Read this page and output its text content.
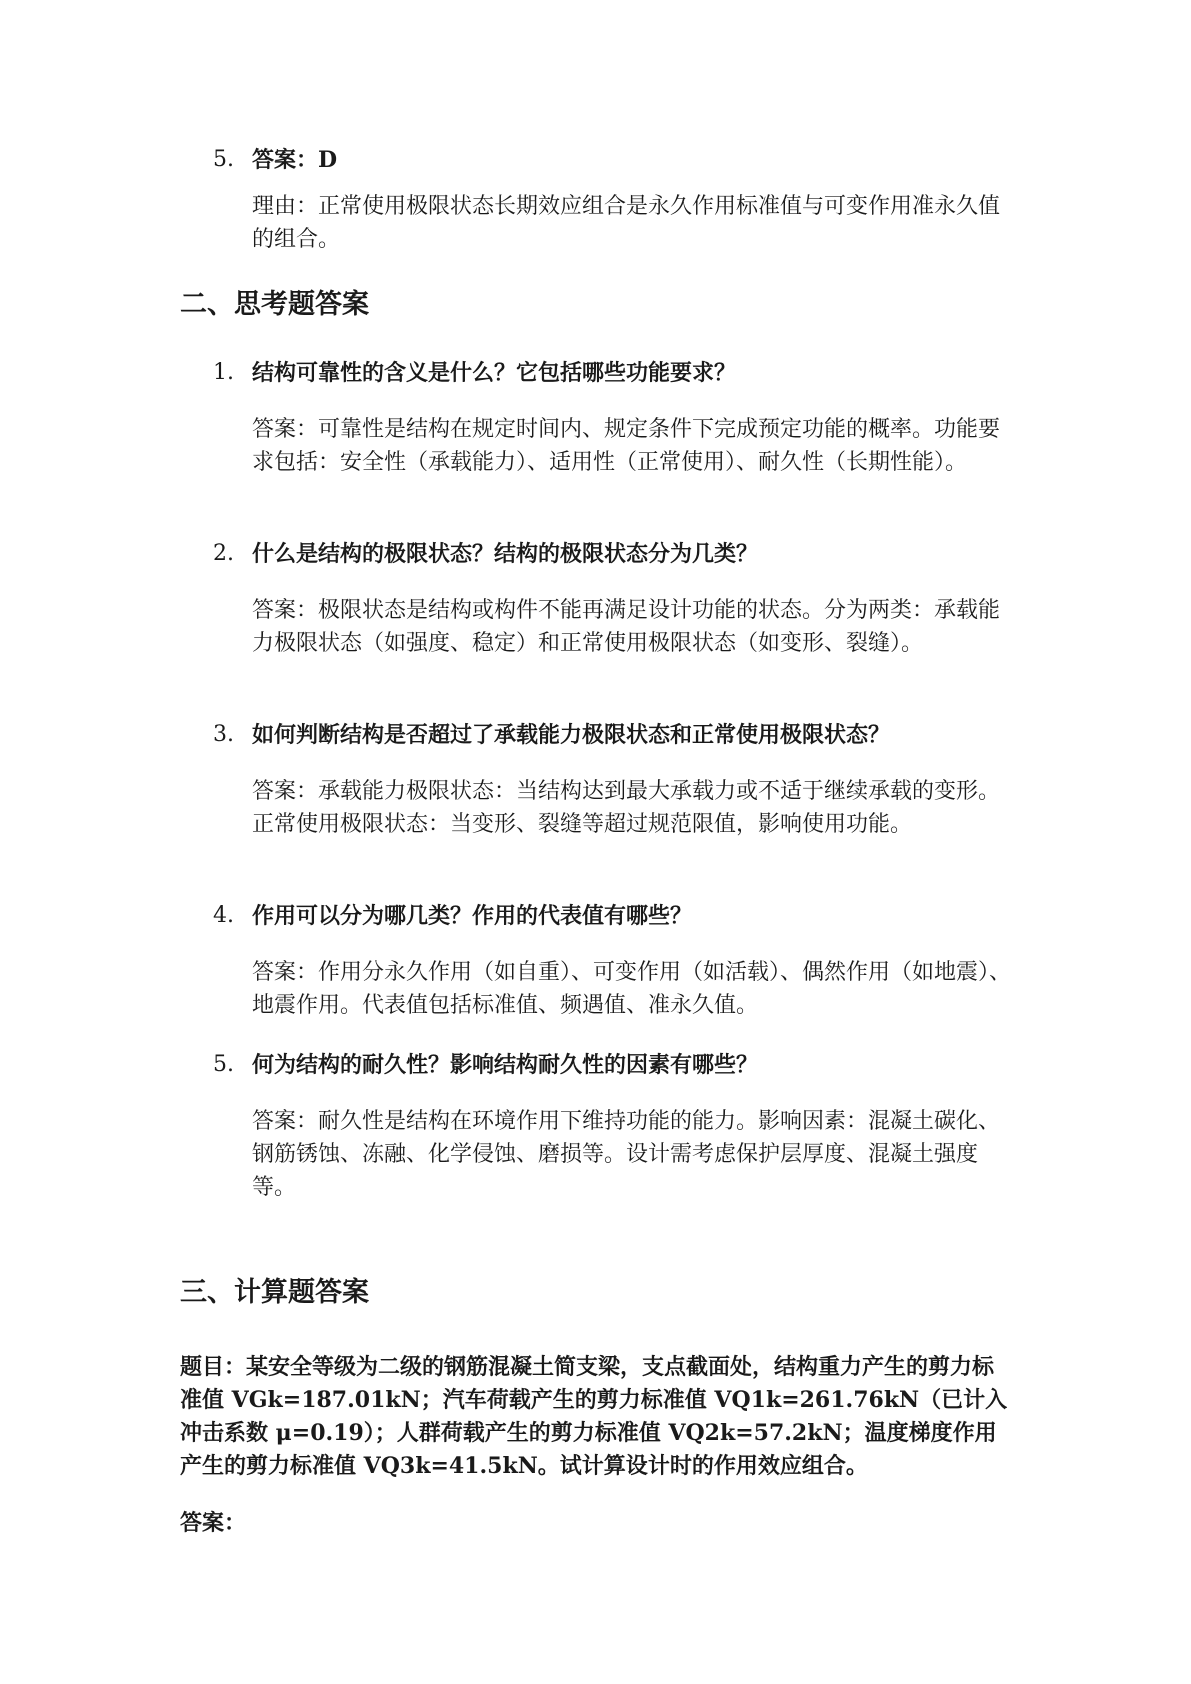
5. 答案：D

理由：正常使用极限状态长期效应组合是永久作用标准值与可变作用准永久值的组合。

二、思考题答案
1. 结构可靠性的含义是什么？它包括哪些功能要求？

答案：可靠性是结构在规定时间内、规定条件下完成预定功能的概率。功能要求包括：安全性（承载能力）、适用性（正常使用）、耐久性（长期性能）。

2. 什么是结构的极限状态？结构的极限状态分为几类？

答案：极限状态是结构或构件不能再满足设计功能的状态。分为两类：承载能力极限状态（如强度、稳定）和正常使用极限状态（如变形、裂缝）。

3. 如何判断结构是否超过了承载能力极限状态和正常使用极限状态？

答案：承载能力极限状态：当结构达到最大承载力或不适于继续承载的变形。正常使用极限状态：当变形、裂缝等超过规范限值，影响使用功能。

4. 作用可以分为哪几类？作用的代表值有哪些？

答案：作用分永久作用（如自重）、可变作用（如活载）、偶然作用（如地震）、地震作用。代表值包括标准值、频遇值、准永久值。

5. 何为结构的耐久性？影响结构耐久性的因素有哪些？

答案：耐久性是结构在环境作用下维持功能的能力。影响因素：混凝土碳化、钢筋锈蚀、冻融、化学侵蚀、磨损等。设计需考虑保护层厚度、混凝土强度等。

三、计算题答案

题目：某安全等级为二级的钢筋混凝土简支梁，支点截面处，结构重力产生的剪力标准值 VGk=187.01kN；汽车荷载产生的剪力标准值 VQ1k=261.76kN（已计入冲击系数 μ=0.19）；人群荷载产生的剪力标准值 VQ2k=57.2kN；温度梯度作用产生的剪力标准值 VQ3k=41.5kN。试计算设计时的作用效应组合。

答案：
